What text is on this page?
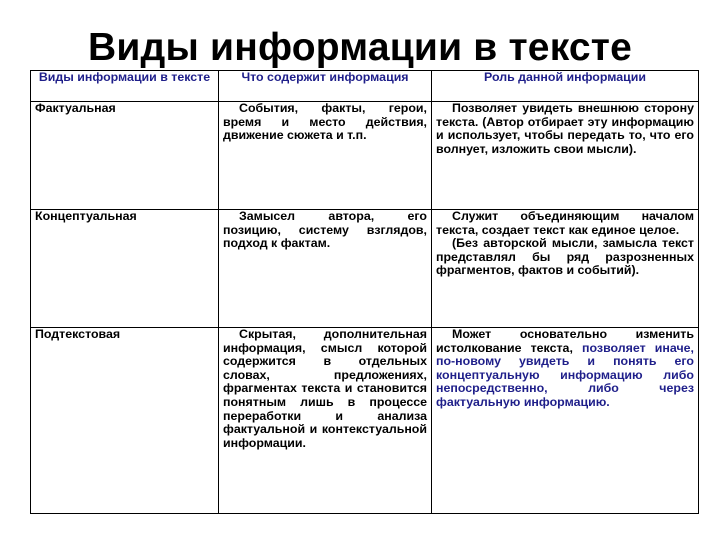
Виды информации в тексте
Виды информации в тексте	Что содержит информация	Роль данной информации
Фактуальная	События, факты, герои, время и место действия, движение сюжета и т.п.	Позволяет увидеть внешнюю сторону текста. (Автор отбирает эту информацию и использует, чтобы передать то, что его волнует, изложить свои мысли).
Концептуальная	Замысел автора, его позицию, систему взглядов, подход к фактам.	Служит объединяющим началом текста, создает текст как единое целое.
(Без авторской мысли, замысла текст представлял бы ряд разрозненных фрагментов, фактов и событий).
Подтекстовая	Скрытая, дополнительная информация, смысл которой содержится в отдельных словах, предложениях, фрагментах текста и становится понятным лишь в процессе переработки и анализа фактуальной и контекстуальной информации.	Может основательно изменить истолкование текста, позволяет иначе, по-новому увидеть и понять его концептуальную информацию либо непосредственно, либо через фактуальную информацию.
